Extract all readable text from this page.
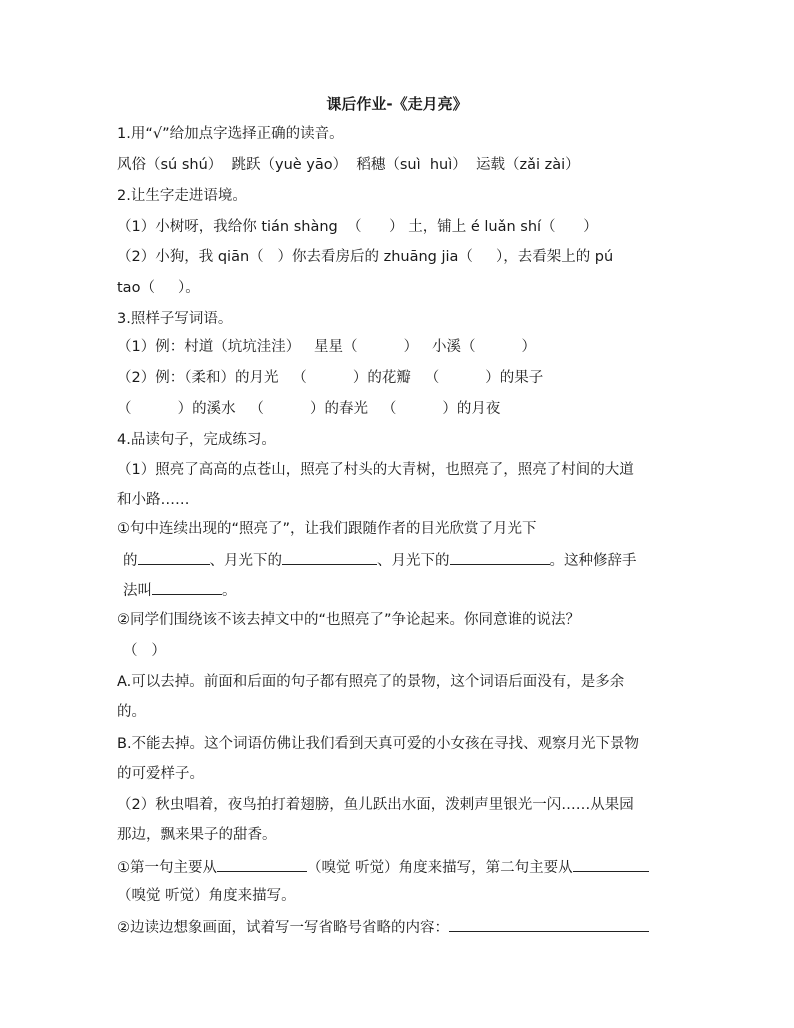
课后作业-《走月亮》
1.用“√”给加点字选择正确的读音。
风俗（sú shú）  跳跃（yuè yāo）  稻穗（suì  huì）  运载（zǎi zài）
2.让生字走进语境。
（1）小树呀，我给你 tián shàng  （      ） 土，铺上 é luǎn shí（      ）
（2）小狗，我 qiān（   ）你去看房后的 zhuāng jia（     ），去看架上的 pú
tao（     ）。
3.照样子写词语。
（1）例：村道（坑坑洼洼）   星星（          ）   小溪（          ）
（2）例：（柔和）的月光   （          ）的花瓣   （          ）的果子
（          ）的溪水   （          ）的春光   （          ）的月夜
4.品读句子，完成练习。
（1）照亮了高高的点苍山，照亮了村头的大青树，也照亮了，照亮了村间的大道
和小路……
①句中连续出现的“照亮了”，让我们跟随作者的目光欣赏了月光下
的	、月光下的	、月光下的	。这种修辞手
法叫	。
②同学们围绕该不该去掉文中的“也照亮了”争论起来。你同意谁的说法？
（   ）
A.可以去掉。前面和后面的句子都有照亮了的景物，这个词语后面没有，是多余
的。
B.不能去掉。这个词语仿佛让我们看到天真可爱的小女孩在寻找、观察月光下景物
的可爱样子。
（2）秋虫唱着，夜鸟拍打着翅膀，鱼儿跃出水面，泼剌声里银光一闪……从果园
那边，飘来果子的甜香。
①第一句主要从	（嗅觉 听觉）角度来描写，第二句主要从
（嗅觉 听觉）角度来描写。
②边读边想象画面，试着写一写省略号省略的内容：
